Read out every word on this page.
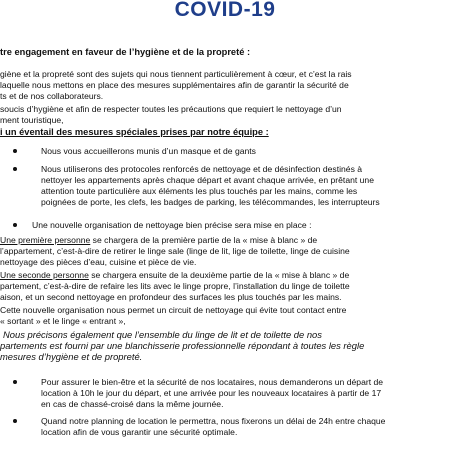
COVID-19
tre engagement en faveur de l’hygiène et de la propreté :
giène et la propreté sont des sujets qui nous tiennent particulièrement à cœur, et c’est la rais
laquelle nous mettons en place des mesures supplémentaires afin de garantir la sécurité de
ts et de nos collaborateurs.
soucis d’hygiène et afin de respecter toutes les précautions que requiert le nettoyage d’un
ment touristique,
i un éventail des mesures spéciales prises par notre équipe :
Nous vous accueillerons munis d’un masque et de gants
Nous utiliserons des protocoles renforcés de nettoyage et de désinfection destinés à
nettoyer les appartements après chaque départ et avant chaque arrivée, en prêtant une
attention toute particulière aux éléments les plus touchés par les mains, comme les
poignées de porte, les clefs, les badges de parking, les télécommandes, les interrupteurs
Une nouvelle organisation de nettoyage bien précise sera mise en place :
Une première personne se chargera de la première partie de la « mise à blanc » de
l’appartement, c’est-à-dire de retirer le linge sale (linge de lit, lige de toilette, linge de cuisine
nettoyage des pièces d’eau, cuisine et pièce de vie.
Une seconde personne se chargera ensuite de la deuxième partie de la « mise à blanc » de
partement, c’est-à-dire de refaire les lits avec le linge propre, l’installation du linge de toilette
aison, et un second nettoyage en profondeur des surfaces les plus touchés par les mains.
Cette nouvelle organisation nous permet un circuit de nettoyage qui évite tout contact entre
« sortant » et le linge « entrant »,
Nous précisons également que l’ensemble du linge de lit et de toilette de nos
partements est fourni par une blanchisserie professionnelle répondant à toutes les règle
mesures d’hygiène et de propreté.
Pour assurer le bien-être et la sécurité de nos locataires, nous demanderons un départ de
location à 10h le jour du départ, et une arrivée pour les nouveaux locataires à partir de 17
en cas de chassé-croisé dans la même journée.
Quand notre planning de location le permettra, nous fixerons un délai de 24h entre chaque
location afin de vous garantir une sécurité optimale.
